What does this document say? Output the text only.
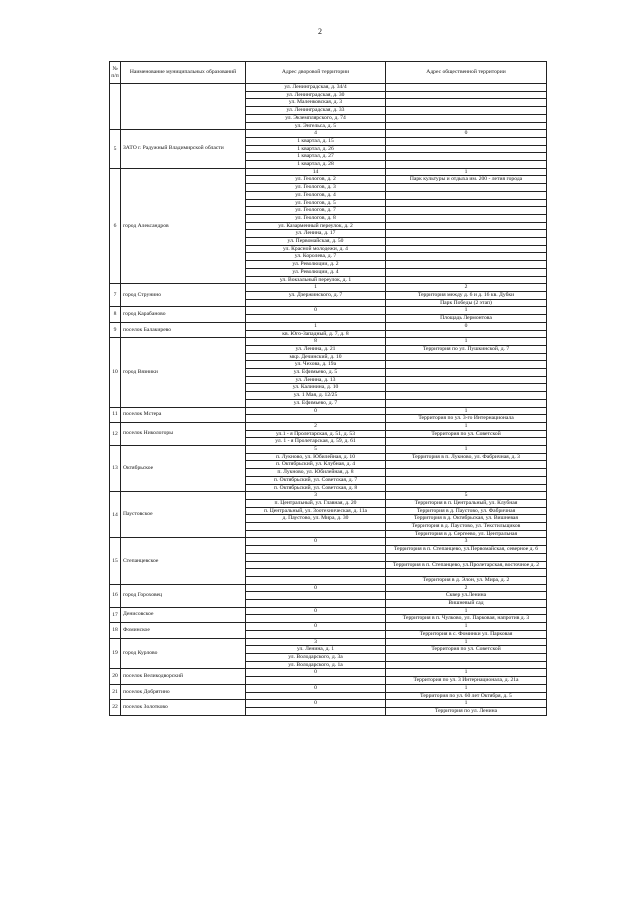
2
№ п/п	Наименование муниципальных образований	Адрес дворовой территории	Адрес общественной территории
		ул. Ленинградская, д. 34/4	
		ул. Ленинградская, д. 30	
		ул. Маленковская, д. 3	
		ул. Ленинградская, д. 33	
		ул. Экземплярского, д. 74	
		ул. Энгельса, д. 5	
5	ЗАТО г. Радужный Владимирской области	4	0
		1 квартал, д. 15	
		1 квартал, д. 26	
		1 квартал, д. 27	
		1 квартал, д. 28	
6	город Александров	14	1
		ул. Геологов, д. 2	Парк культуры и отдыха им. 200 - летия города
		ул. Геологов, д. 3	
		ул. Геологов, д. 4	
		ул. Геологов, д. 5	
		ул. Геологов, д. 7	
		ул. Геологов, д. 8	
		ул. Казарменный переулок, д. 2	
		ул. Ленина, д. 17	
		ул. Первомайская, д. 50	
		ул. Красной молодежи, д. 4	
		ул. Королева, д. 7	
		ул. Революции, д. 2	
		ул. Революции, д. 4	
		ул. Вокзальный переулок, д. 1	
7	город Струнино	1	2
		ул. Дзержинского, д. 7	Территория между д. 6 и д. 16 кв. Дубки
			Парк Победы (2 этап)
8	город Карабаново	0	1
			Площадь Лермонтова
9	поселок Балакирево	1	0
		кв. Юго-Западный, д. 7, д. 8	
10	город Вязники	8	1
		ул. Ленина, д. 21	Территория по ул. Пушкинской, д. 7
		мкр. Дечинский, д. 10	
		ул. Чехова, д. 19а	
		ул. Ефимьево, д. 5	
		ул. Ленина, д. 13	
		ул. Калинина, д. 10	
		ул. 1 Мая, д. 12/25	
		ул. Ефимьево, д. 7	
11	поселок Мстера	0	1
			Территория по ул. 3-го Интернационала
12	поселок Никологоры	2	1
		ул.1 - я Пролетарская, д. 51, д. 53	Территория по ул. Советской
		ул. 1 - я Пролетарская, д. 59, д. 61	
13	Октябрьское	5	1
		п. Лукново, ул. Юбилейная, д. 10	Территория в п. Лукново, ул. Фабричная, д. 3
		п. Октябрьский, ул. Клубная, д. 4	
		п. Лукново, ул. Юбилейная, д. 8	
		п. Октябрьский, ул. Советская, д. 7	
		п. Октябрьский, ул. Советская, д. 8	
14	Паустовское	3	5
		п. Центральный, ул. Главная, д. 20	Территория в п. Центральный, ул. Клубная
		п. Центральный, ул. Зоотехническая, д. 11а	Территория в д. Паустово, ул. Фабричная
		д. Паустово, ул. Мира, д. 30	Территория в д. Октябрьская, ул. Вишневая
			Территория в д. Паустово, ул. Текстильщиков
			Территория в д. Сергеево, ул. Центральная
15	Степанцевское	0	3
			Территория в п. Степанцево, ул.Первомайская, северное д. 6

			Территория в п. Степанцево, ул.Пролетарская, восточное д. 2

			Территория в д. Элон, ул. Мира, д. 2
16	город Гороховец	0	2
			Сквер ул.Ленина
			Вишневый сад
17	Денисовское	0	1
			Территория в п. Чулково, ул. Парковая, напротив д. 3
18	Фоминское	0	1
			Территория в с. Фоминки ул. Парковая
19	город Курлово	3	1
		ул. Ленина, д. 1	Территория по ул. Советской
		ул. Володарского, д. 3а	
		ул. Володарского, д. 1а	
20	поселок Великодворский	0	1
			Территория по ул. 3 Интернационала, д. 21а
21	поселок Добрятино	0	1
			Территория по ул. 60 лет Октября, д. 5
22	поселок Золотково	0	1
			Территория по ул. Ленина
